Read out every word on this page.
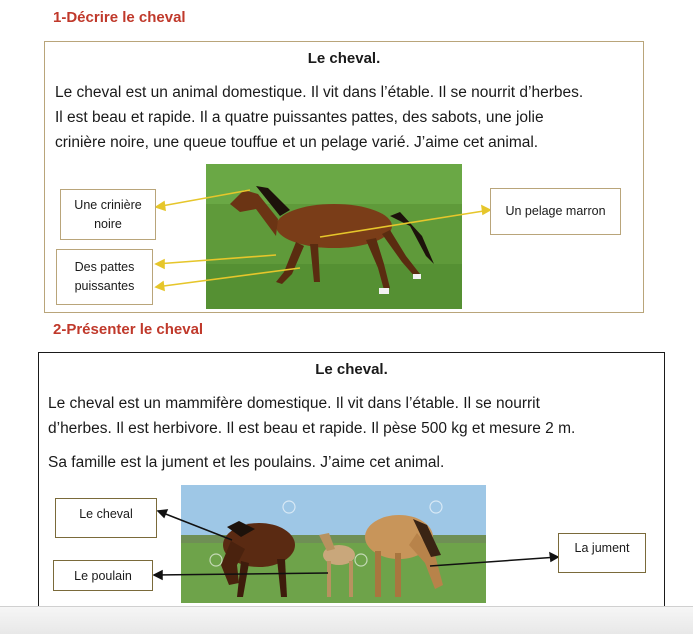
1-Décrire le cheval
Le cheval.
Le cheval est un animal domestique. Il vit dans l’étable. Il se nourrit d’herbes.
Il est beau et rapide. Il a quatre puissantes pattes, des sabots, une jolie
crinière noire, une queue touffue et un pelage varié. J’aime cet animal.
Une crinière
noire
Des pattes
puissantes
Un pelage marron
2-Présenter le cheval
Le cheval.
Le cheval est un mammifère domestique. Il vit dans l’étable. Il se nourrit
d’herbes. Il est herbivore. Il est beau et rapide. Il pèse 500 kg et mesure 2 m.
Sa famille est la jument et les poulains. J’aime cet animal.
Le cheval
Le poulain
La jument
